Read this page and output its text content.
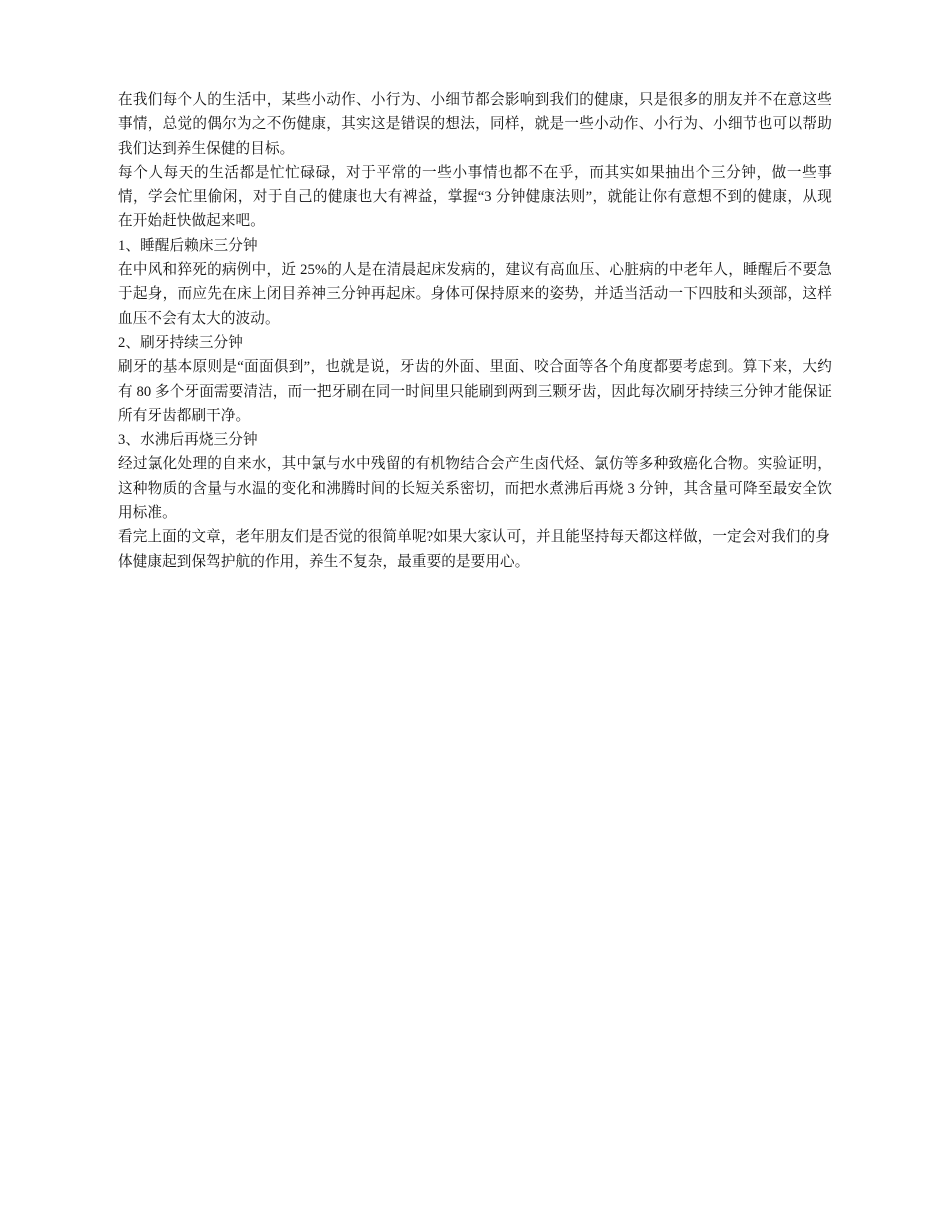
在我们每个人的生活中，某些小动作、小行为、小细节都会影响到我们的健康，只是很多的朋友并不在意这些事情，总觉的偶尔为之不伤健康，其实这是错误的想法，同样，就是一些小动作、小行为、小细节也可以帮助我们达到养生保健的目标。

每个人每天的生活都是忙忙碌碌，对于平常的一些小事情也都不在乎，而其实如果抽出个三分钟，做一些事情，学会忙里偷闲，对于自己的健康也大有裨益，掌握“3 分钟健康法则”，就能让你有意想不到的健康，从现在开始赶快做起来吧。

1、睡醒后赖床三分钟

在中风和猝死的病例中，近 25%的人是在清晨起床发病的，建议有高血压、心脏病的中老年人，睡醒后不要急于起身，而应先在床上闭目养神三分钟再起床。身体可保持原来的姿势，并适当活动一下四肢和头颈部，这样血压不会有太大的波动。

2、刷牙持续三分钟

刷牙的基本原则是“面面俱到”，也就是说，牙齿的外面、里面、咬合面等各个角度都要考虑到。算下来，大约有 80 多个牙面需要清洁，而一把牙刷在同一时间里只能刷到两到三颗牙齿，因此每次刷牙持续三分钟才能保证所有牙齿都刷干净。

3、水沸后再烧三分钟

经过氯化处理的自来水，其中氯与水中残留的有机物结合会产生卤代烃、氯仿等多种致癌化合物。实验证明，这种物质的含量与水温的变化和沸腾时间的长短关系密切，而把水煮沸后再烧 3 分钟，其含量可降至最安全饮用标准。

看完上面的文章，老年朋友们是否觉的很简单呢?如果大家认可，并且能坚持每天都这样做，一定会对我们的身体健康起到保驾护航的作用，养生不复杂，最重要的是要用心。
